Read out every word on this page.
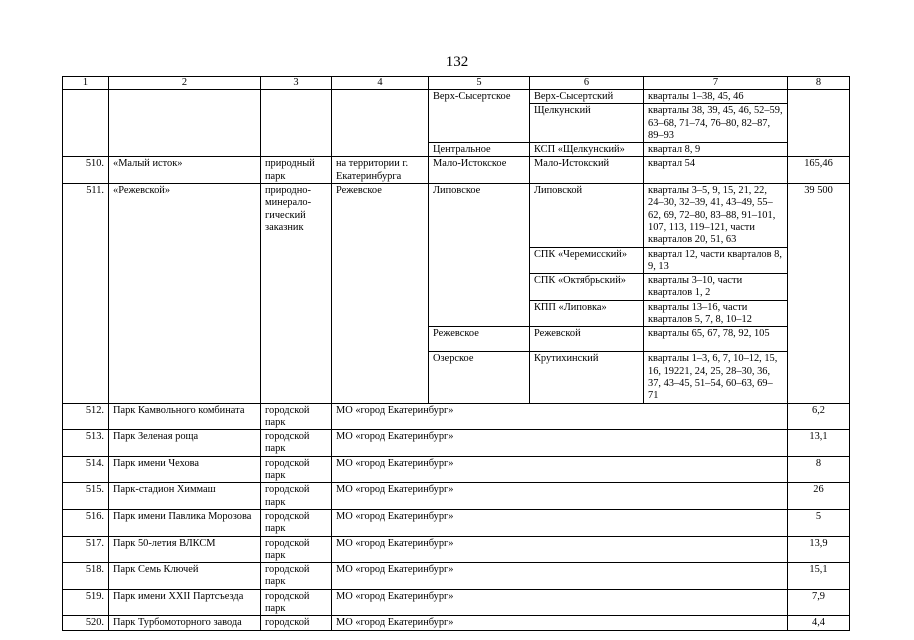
132
1	2	3	4	5	6	7	8
				Верх-Сысертское	Верх-Сысертский	кварталы 1–38, 45, 46	
					Щелкунский	кварталы 38, 39, 45, 46, 52–59, 63–68, 71–74, 76–80, 82–87, 89–93	
				Центральное	КСП «Щелкунский»	квартал 8, 9	
510.	«Малый исток»	природный парк	на территории г. Екатеринбурга	Мало-Истокское	Мало-Истокский	квартал 54	165,46
511.	«Режевской»	природно-минерало-гический заказник	Режевское	Липовское	Липовской	кварталы 3–5, 9, 15, 21, 22, 24–30, 32–39, 41, 43–49, 55–62, 69, 72–80, 83–88, 91–101, 107, 113, 119–121, части кварталов 20, 51, 63	39 500
					СПК «Черемисский»	квартал 12, части кварталов 8, 9, 13	
					СПК «Октябрьский»	кварталы 3–10, части кварталов 1, 2	
					КПП «Липовка»	кварталы 13–16, части кварталов 5, 7, 8, 10–12	
				Режевское	Режевской	кварталы 65, 67, 78, 92, 105	
				Озерское	Крутихинский	кварталы 1–3, 6, 7, 10–12, 15, 16, 19221, 24, 25, 28–30, 36, 37, 43–45, 51–54, 60–63, 69–71	
512.	Парк Камвольного комбината	городской парк	МО «город Екатеринбург»				6,2
513.	Парк Зеленая роща	городской парк	МО «город Екатеринбург»				13,1
514.	Парк имени Чехова	городской парк	МО «город Екатеринбург»				8
515.	Парк-стадион Химмаш	городской парк	МО «город Екатеринбург»				26
516.	Парк имени Павлика Морозова	городской парк	МО «город Екатеринбург»				5
517.	Парк 50-летия ВЛКСМ	городской парк	МО «город Екатеринбург»				13,9
518.	Парк Семь Ключей	городской парк	МО «город Екатеринбург»				15,1
519.	Парк имени XXII Партсъезда	городской парк	МО «город Екатеринбург»				7,9
520.	Парк Турбомоторного завода	городской	МО «город Екатеринбург»				4,4
